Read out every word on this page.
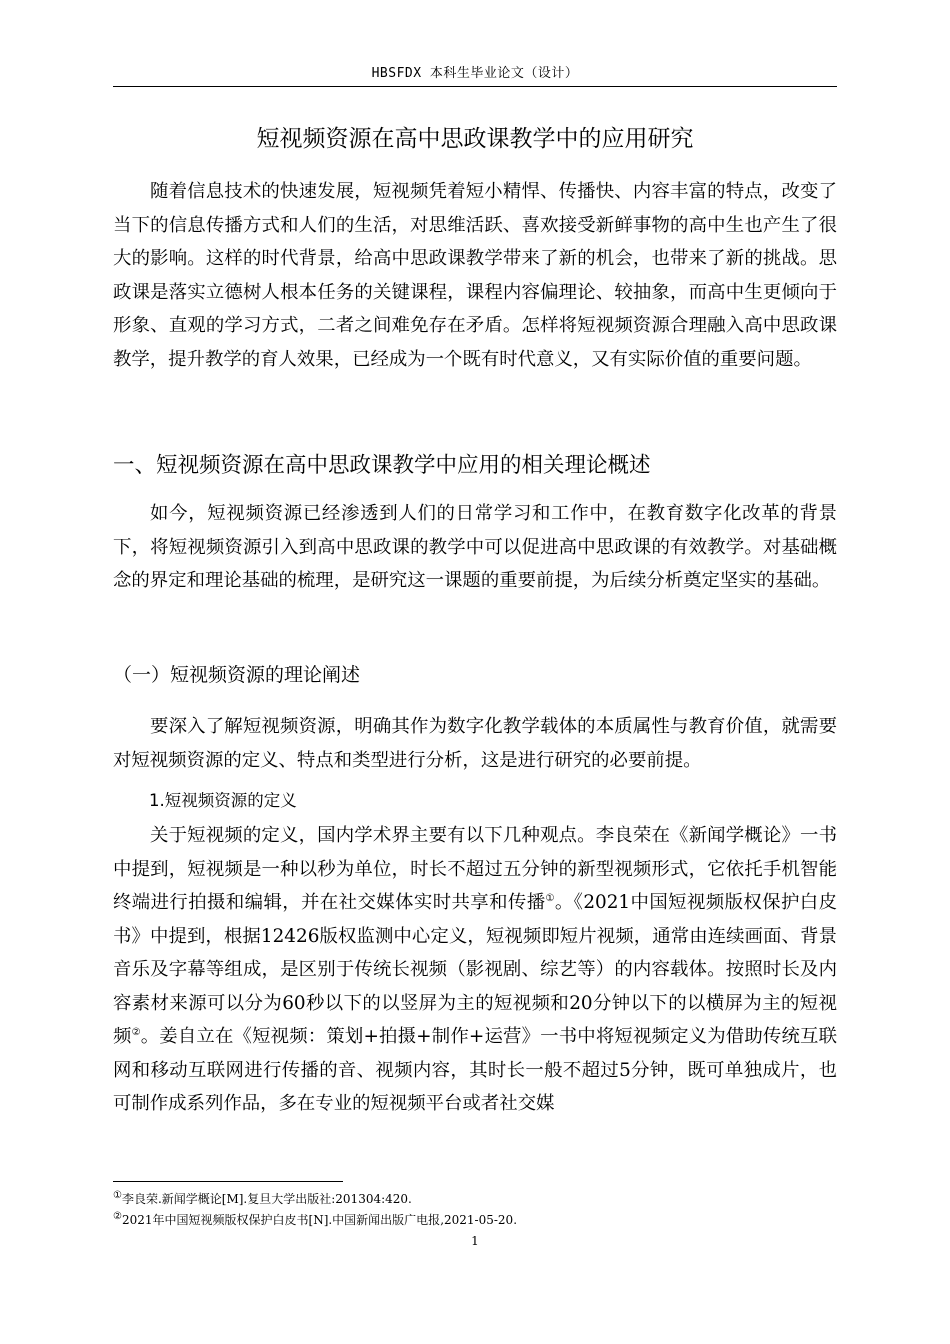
HBSFDX 本科生毕业论文（设计）
短视频资源在高中思政课教学中的应用研究

随着信息技术的快速发展，短视频凭着短小精悍、传播快、内容丰富的特点，改变了当下的信息传播方式和人们的生活，对思维活跃、喜欢接受新鲜事物的高中生也产生了很大的影响。这样的时代背景，给高中思政课教学带来了新的机会，也带来了新的挑战。思政课是落实立德树人根本任务的关键课程，课程内容偏理论、较抽象，而高中生更倾向于形象、直观的学习方式，二者之间难免存在矛盾。怎样将短视频资源合理融入高中思政课教学，提升教学的育人效果，已经成为一个既有时代意义，又有实际价值的重要问题。

一、短视频资源在高中思政课教学中应用的相关理论概述

如今，短视频资源已经渗透到人们的日常学习和工作中，在教育数字化改革的背景下，将短视频资源引入到高中思政课的教学中可以促进高中思政课的有效教学。对基础概念的界定和理论基础的梳理，是研究这一课题的重要前提，为后续分析奠定坚实的基础。

（一）短视频资源的理论阐述

要深入了解短视频资源，明确其作为数字化教学载体的本质属性与教育价值，就需要对短视频资源的定义、特点和类型进行分析，这是进行研究的必要前提。

1.短视频资源的定义

关于短视频的定义，国内学术界主要有以下几种观点。李良荣在《新闻学概论》一书中提到，短视频是一种以秒为单位，时长不超过五分钟的新型视频形式，它依托手机智能终端进行拍摄和编辑，并在社交媒体实时共享和传播①。《2021中国短视频版权保护白皮书》中提到，根据12426版权监测中心定义，短视频即短片视频，通常由连续画面、背景音乐及字幕等组成，是区别于传统长视频（影视剧、综艺等）的内容载体。按照时长及内容素材来源可以分为60秒以下的以竖屏为主的短视频和20分钟以下的以横屏为主的短视频②。姜自立在《短视频：策划+拍摄+制作+运营》一书中将短视频定义为借助传统互联网和移动互联网进行传播的音、视频内容，其时长一般不超过5分钟，既可单独成片，也可制作成系列作品，多在专业的短视频平台或者社交媒

①李良荣.新闻学概论[M].复旦大学出版社:201304:420.
②2021年中国短视频版权保护白皮书[N].中国新闻出版广电报,2021-05-20.
1
